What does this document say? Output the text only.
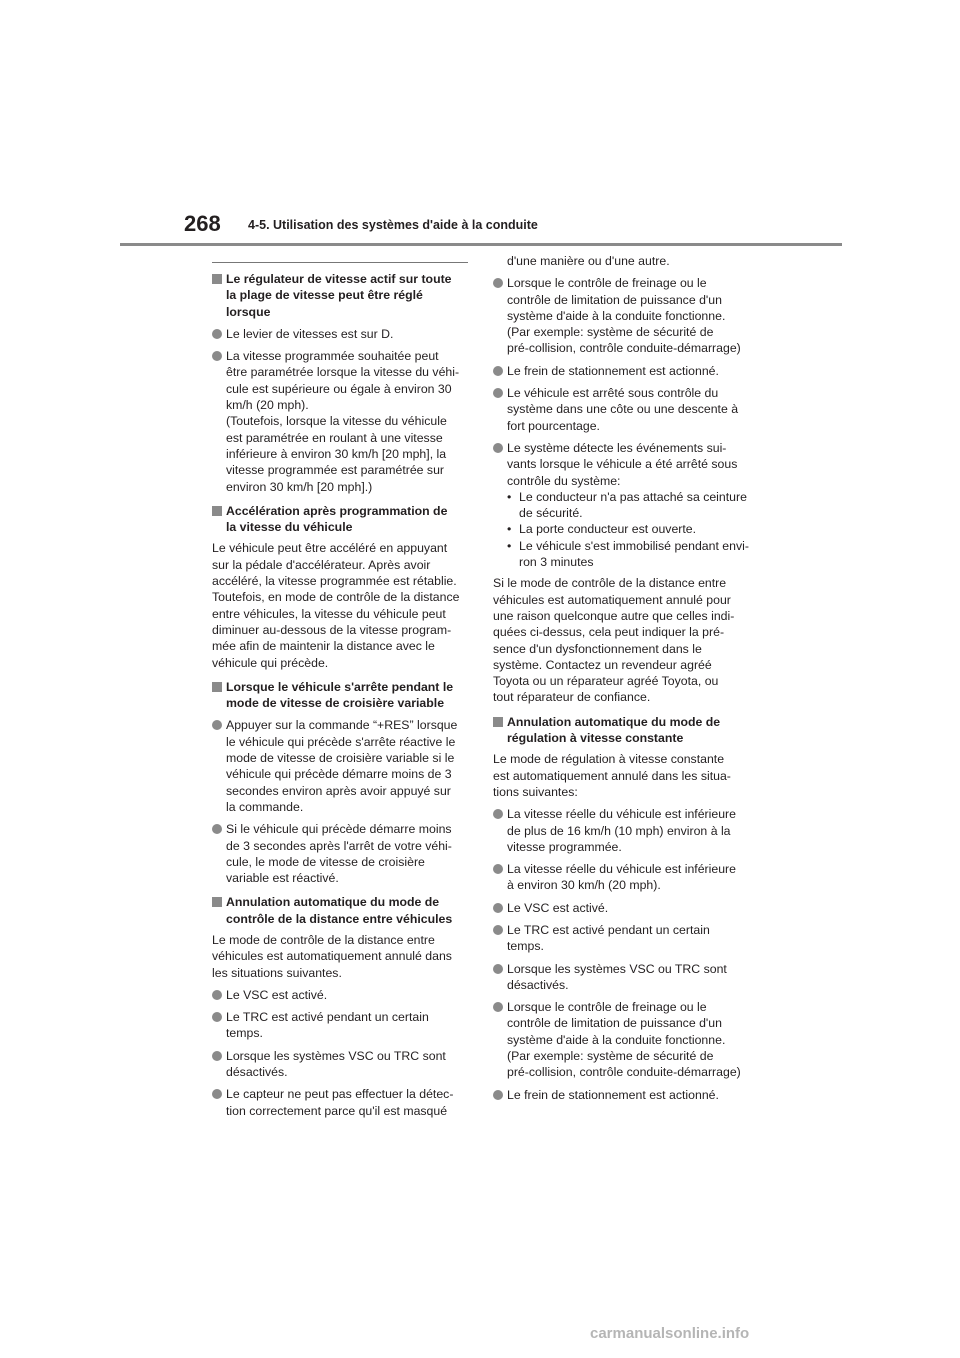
268 4-5. Utilisation des systèmes d'aide à la conduite
Le régulateur de vitesse actif sur toute
la plage de vitesse peut être réglé
lorsque
Le levier de vitesses est sur D.
La vitesse programmée souhaitée peut
être paramétrée lorsque la vitesse du véhi-
cule est supérieure ou égale à environ 30
km/h (20 mph).
(Toutefois, lorsque la vitesse du véhicule
est paramétrée en roulant à une vitesse
inférieure à environ 30 km/h [20 mph], la
vitesse programmée est paramétrée sur
environ 30 km/h [20 mph].)
Accélération après programmation de
la vitesse du véhicule
Le véhicule peut être accéléré en appuyant
sur la pédale d'accélérateur. Après avoir
accéléré, la vitesse programmée est rétablie.
Toutefois, en mode de contrôle de la distance
entre véhicules, la vitesse du véhicule peut
diminuer au-dessous de la vitesse program-
mée afin de maintenir la distance avec le
véhicule qui précède.
Lorsque le véhicule s'arrête pendant le
mode de vitesse de croisière variable
Appuyer sur la commande “+RES” lorsque
le véhicule qui précède s'arrête réactive le
mode de vitesse de croisière variable si le
véhicule qui précède démarre moins de 3
secondes environ après avoir appuyé sur
la commande.
Si le véhicule qui précède démarre moins
de 3 secondes après l'arrêt de votre véhi-
cule, le mode de vitesse de croisière
variable est réactivé.
Annulation automatique du mode de
contrôle de la distance entre véhicules
Le mode de contrôle de la distance entre
véhicules est automatiquement annulé dans
les situations suivantes.
Le VSC est activé.
Le TRC est activé pendant un certain
temps.
Lorsque les systèmes VSC ou TRC sont
désactivés.
Le capteur ne peut pas effectuer la détec-
tion correctement parce qu'il est masqué
d'une manière ou d'une autre.
Lorsque le contrôle de freinage ou le
contrôle de limitation de puissance d'un
système d'aide à la conduite fonctionne.
(Par exemple: système de sécurité de
pré-collision, contrôle conduite-démarrage)
Le frein de stationnement est actionné.
Le véhicule est arrêté sous contrôle du
système dans une côte ou une descente à
fort pourcentage.
Le système détecte les événements sui-
vants lorsque le véhicule a été arrêté sous
contrôle du système:
• Le conducteur n'a pas attaché sa ceinture
de sécurité.
• La porte conducteur est ouverte.
• Le véhicule s'est immobilisé pendant envi-
ron 3 minutes
Si le mode de contrôle de la distance entre
véhicules est automatiquement annulé pour
une raison quelconque autre que celles indi-
quées ci-dessus, cela peut indiquer la pré-
sence d'un dysfonctionnement dans le
système. Contactez un revendeur agréé
Toyota ou un réparateur agréé Toyota, ou
tout réparateur de confiance.
Annulation automatique du mode de
régulation à vitesse constante
Le mode de régulation à vitesse constante
est automatiquement annulé dans les situa-
tions suivantes:
La vitesse réelle du véhicule est inférieure
de plus de 16 km/h (10 mph) environ à la
vitesse programmée.
La vitesse réelle du véhicule est inférieure
à environ 30 km/h (20 mph).
Le VSC est activé.
Le TRC est activé pendant un certain
temps.
Lorsque les systèmes VSC ou TRC sont
désactivés.
Lorsque le contrôle de freinage ou le
contrôle de limitation de puissance d'un
système d'aide à la conduite fonctionne.
(Par exemple: système de sécurité de
pré-collision, contrôle conduite-démarrage)
Le frein de stationnement est actionné.
carmanualsonline.info
